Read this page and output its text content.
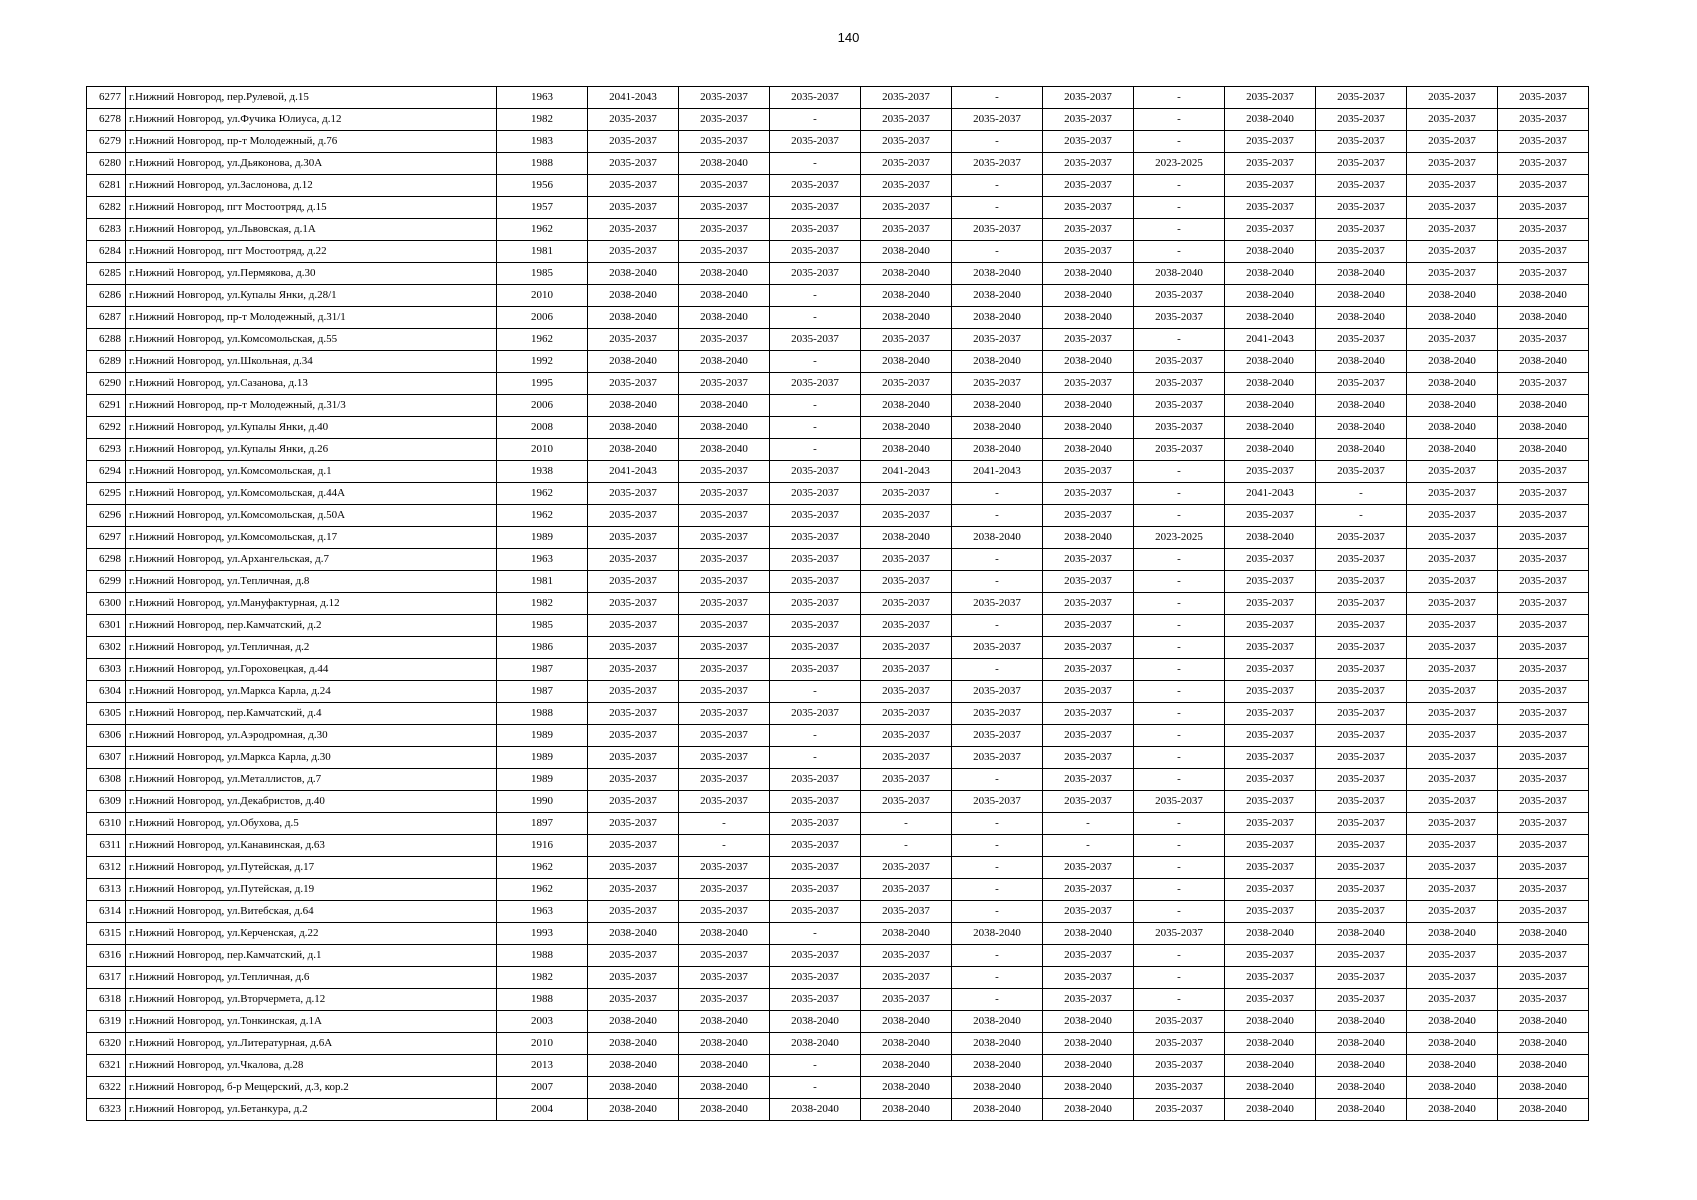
140
6277	г.Нижний Новгород, пер.Рулевой, д.15	1963	2041-2043	2035-2037	2035-2037	2035-2037	-	2035-2037	-	2035-2037	2035-2037	2035-2037	2035-2037
6278	г.Нижний Новгород, ул.Фучика Юлиуса, д.12	1982	2035-2037	2035-2037	-	2035-2037	2035-2037	2035-2037	-	2038-2040	2035-2037	2035-2037	2035-2037
6279	г.Нижний Новгород, пр-т Молодежный, д.76	1983	2035-2037	2035-2037	2035-2037	2035-2037	-	2035-2037	-	2035-2037	2035-2037	2035-2037	2035-2037
6280	г.Нижний Новгород, ул.Дьяконова, д.30А	1988	2035-2037	2038-2040	-	2035-2037	2035-2037	2035-2037	2023-2025	2035-2037	2035-2037	2035-2037	2035-2037
6281	г.Нижний Новгород, ул.Заслонова, д.12	1956	2035-2037	2035-2037	2035-2037	2035-2037	-	2035-2037	-	2035-2037	2035-2037	2035-2037	2035-2037
6282	г.Нижний Новгород, пгт Мостоотряд, д.15	1957	2035-2037	2035-2037	2035-2037	2035-2037	-	2035-2037	-	2035-2037	2035-2037	2035-2037	2035-2037
6283	г.Нижний Новгород, ул.Львовская, д.1А	1962	2035-2037	2035-2037	2035-2037	2035-2037	2035-2037	2035-2037	-	2035-2037	2035-2037	2035-2037	2035-2037
6284	г.Нижний Новгород, пгт Мостоотряд, д.22	1981	2035-2037	2035-2037	2035-2037	2038-2040	-	2035-2037	-	2038-2040	2035-2037	2035-2037	2035-2037
6285	г.Нижний Новгород, ул.Пермякова, д.30	1985	2038-2040	2038-2040	2035-2037	2038-2040	2038-2040	2038-2040	2038-2040	2038-2040	2038-2040	2035-2037	2035-2037
6286	г.Нижний Новгород, ул.Купалы Янки, д.28/1	2010	2038-2040	2038-2040	-	2038-2040	2038-2040	2038-2040	2035-2037	2038-2040	2038-2040	2038-2040	2038-2040
6287	г.Нижний Новгород, пр-т Молодежный, д.31/1	2006	2038-2040	2038-2040	-	2038-2040	2038-2040	2038-2040	2035-2037	2038-2040	2038-2040	2038-2040	2038-2040
6288	г.Нижний Новгород, ул.Комсомольская, д.55	1962	2035-2037	2035-2037	2035-2037	2035-2037	2035-2037	2035-2037	-	2041-2043	2035-2037	2035-2037	2035-2037
6289	г.Нижний Новгород, ул.Школьная, д.34	1992	2038-2040	2038-2040	-	2038-2040	2038-2040	2038-2040	2035-2037	2038-2040	2038-2040	2038-2040	2038-2040
6290	г.Нижний Новгород, ул.Сазанова, д.13	1995	2035-2037	2035-2037	2035-2037	2035-2037	2035-2037	2035-2037	2035-2037	2038-2040	2035-2037	2038-2040	2035-2037
6291	г.Нижний Новгород, пр-т Молодежный, д.31/3	2006	2038-2040	2038-2040	-	2038-2040	2038-2040	2038-2040	2035-2037	2038-2040	2038-2040	2038-2040	2038-2040
6292	г.Нижний Новгород, ул.Купалы Янки, д.40	2008	2038-2040	2038-2040	-	2038-2040	2038-2040	2038-2040	2035-2037	2038-2040	2038-2040	2038-2040	2038-2040
6293	г.Нижний Новгород, ул.Купалы Янки, д.26	2010	2038-2040	2038-2040	-	2038-2040	2038-2040	2038-2040	2035-2037	2038-2040	2038-2040	2038-2040	2038-2040
6294	г.Нижний Новгород, ул.Комсомольская, д.1	1938	2041-2043	2035-2037	2035-2037	2041-2043	2041-2043	2035-2037	-	2035-2037	2035-2037	2035-2037	2035-2037
6295	г.Нижний Новгород, ул.Комсомольская, д.44А	1962	2035-2037	2035-2037	2035-2037	2035-2037	-	2035-2037	-	2041-2043	-	2035-2037	2035-2037
6296	г.Нижний Новгород, ул.Комсомольская, д.50А	1962	2035-2037	2035-2037	2035-2037	2035-2037	-	2035-2037	-	2035-2037	-	2035-2037	2035-2037
6297	г.Нижний Новгород, ул.Комсомольская, д.17	1989	2035-2037	2035-2037	2035-2037	2038-2040	2038-2040	2038-2040	2023-2025	2038-2040	2035-2037	2035-2037	2035-2037
6298	г.Нижний Новгород, ул.Архангельская, д.7	1963	2035-2037	2035-2037	2035-2037	2035-2037	-	2035-2037	-	2035-2037	2035-2037	2035-2037	2035-2037
6299	г.Нижний Новгород, ул.Тепличная, д.8	1981	2035-2037	2035-2037	2035-2037	2035-2037	-	2035-2037	-	2035-2037	2035-2037	2035-2037	2035-2037
6300	г.Нижний Новгород, ул.Мануфактурная, д.12	1982	2035-2037	2035-2037	2035-2037	2035-2037	2035-2037	2035-2037	-	2035-2037	2035-2037	2035-2037	2035-2037
6301	г.Нижний Новгород, пер.Камчатский, д.2	1985	2035-2037	2035-2037	2035-2037	2035-2037	-	2035-2037	-	2035-2037	2035-2037	2035-2037	2035-2037
6302	г.Нижний Новгород, ул.Тепличная, д.2	1986	2035-2037	2035-2037	2035-2037	2035-2037	2035-2037	2035-2037	-	2035-2037	2035-2037	2035-2037	2035-2037
6303	г.Нижний Новгород, ул.Гороховецкая, д.44	1987	2035-2037	2035-2037	2035-2037	2035-2037	-	2035-2037	-	2035-2037	2035-2037	2035-2037	2035-2037
6304	г.Нижний Новгород, ул.Маркса Карла, д.24	1987	2035-2037	2035-2037	-	2035-2037	2035-2037	2035-2037	-	2035-2037	2035-2037	2035-2037	2035-2037
6305	г.Нижний Новгород, пер.Камчатский, д.4	1988	2035-2037	2035-2037	2035-2037	2035-2037	2035-2037	2035-2037	-	2035-2037	2035-2037	2035-2037	2035-2037
6306	г.Нижний Новгород, ул.Аэродромная, д.30	1989	2035-2037	2035-2037	-	2035-2037	2035-2037	2035-2037	-	2035-2037	2035-2037	2035-2037	2035-2037
6307	г.Нижний Новгород, ул.Маркса Карла, д.30	1989	2035-2037	2035-2037	-	2035-2037	2035-2037	2035-2037	-	2035-2037	2035-2037	2035-2037	2035-2037
6308	г.Нижний Новгород, ул.Металлистов, д.7	1989	2035-2037	2035-2037	2035-2037	2035-2037	-	2035-2037	-	2035-2037	2035-2037	2035-2037	2035-2037
6309	г.Нижний Новгород, ул.Декабристов, д.40	1990	2035-2037	2035-2037	2035-2037	2035-2037	2035-2037	2035-2037	2035-2037	2035-2037	2035-2037	2035-2037	2035-2037
6310	г.Нижний Новгород, ул.Обухова, д.5	1897	2035-2037	-	2035-2037	-	-	-	-	2035-2037	2035-2037	2035-2037	2035-2037
6311	г.Нижний Новгород, ул.Канавинская, д.63	1916	2035-2037	-	2035-2037	-	-	-	-	2035-2037	2035-2037	2035-2037	2035-2037
6312	г.Нижний Новгород, ул.Путейская, д.17	1962	2035-2037	2035-2037	2035-2037	2035-2037	-	2035-2037	-	2035-2037	2035-2037	2035-2037	2035-2037
6313	г.Нижний Новгород, ул.Путейская, д.19	1962	2035-2037	2035-2037	2035-2037	2035-2037	-	2035-2037	-	2035-2037	2035-2037	2035-2037	2035-2037
6314	г.Нижний Новгород, ул.Витебская, д.64	1963	2035-2037	2035-2037	2035-2037	2035-2037	-	2035-2037	-	2035-2037	2035-2037	2035-2037	2035-2037
6315	г.Нижний Новгород, ул.Керченская, д.22	1993	2038-2040	2038-2040	-	2038-2040	2038-2040	2038-2040	2035-2037	2038-2040	2038-2040	2038-2040	2038-2040
6316	г.Нижний Новгород, пер.Камчатский, д.1	1988	2035-2037	2035-2037	2035-2037	2035-2037	-	2035-2037	-	2035-2037	2035-2037	2035-2037	2035-2037
6317	г.Нижний Новгород, ул.Тепличная, д.6	1982	2035-2037	2035-2037	2035-2037	2035-2037	-	2035-2037	-	2035-2037	2035-2037	2035-2037	2035-2037
6318	г.Нижний Новгород, ул.Вторчермета, д.12	1988	2035-2037	2035-2037	2035-2037	2035-2037	-	2035-2037	-	2035-2037	2035-2037	2035-2037	2035-2037
6319	г.Нижний Новгород, ул.Тонкинская, д.1А	2003	2038-2040	2038-2040	2038-2040	2038-2040	2038-2040	2038-2040	2035-2037	2038-2040	2038-2040	2038-2040	2038-2040
6320	г.Нижний Новгород, ул.Литературная, д.6А	2010	2038-2040	2038-2040	2038-2040	2038-2040	2038-2040	2038-2040	2035-2037	2038-2040	2038-2040	2038-2040	2038-2040
6321	г.Нижний Новгород, ул.Чкалова, д.28	2013	2038-2040	2038-2040	-	2038-2040	2038-2040	2038-2040	2035-2037	2038-2040	2038-2040	2038-2040	2038-2040
6322	г.Нижний Новгород, б-р Мещерский, д.3, кор.2	2007	2038-2040	2038-2040	-	2038-2040	2038-2040	2038-2040	2035-2037	2038-2040	2038-2040	2038-2040	2038-2040
6323	г.Нижний Новгород, ул.Бетанкура, д.2	2004	2038-2040	2038-2040	2038-2040	2038-2040	2038-2040	2038-2040	2035-2037	2038-2040	2038-2040	2038-2040	2038-2040
